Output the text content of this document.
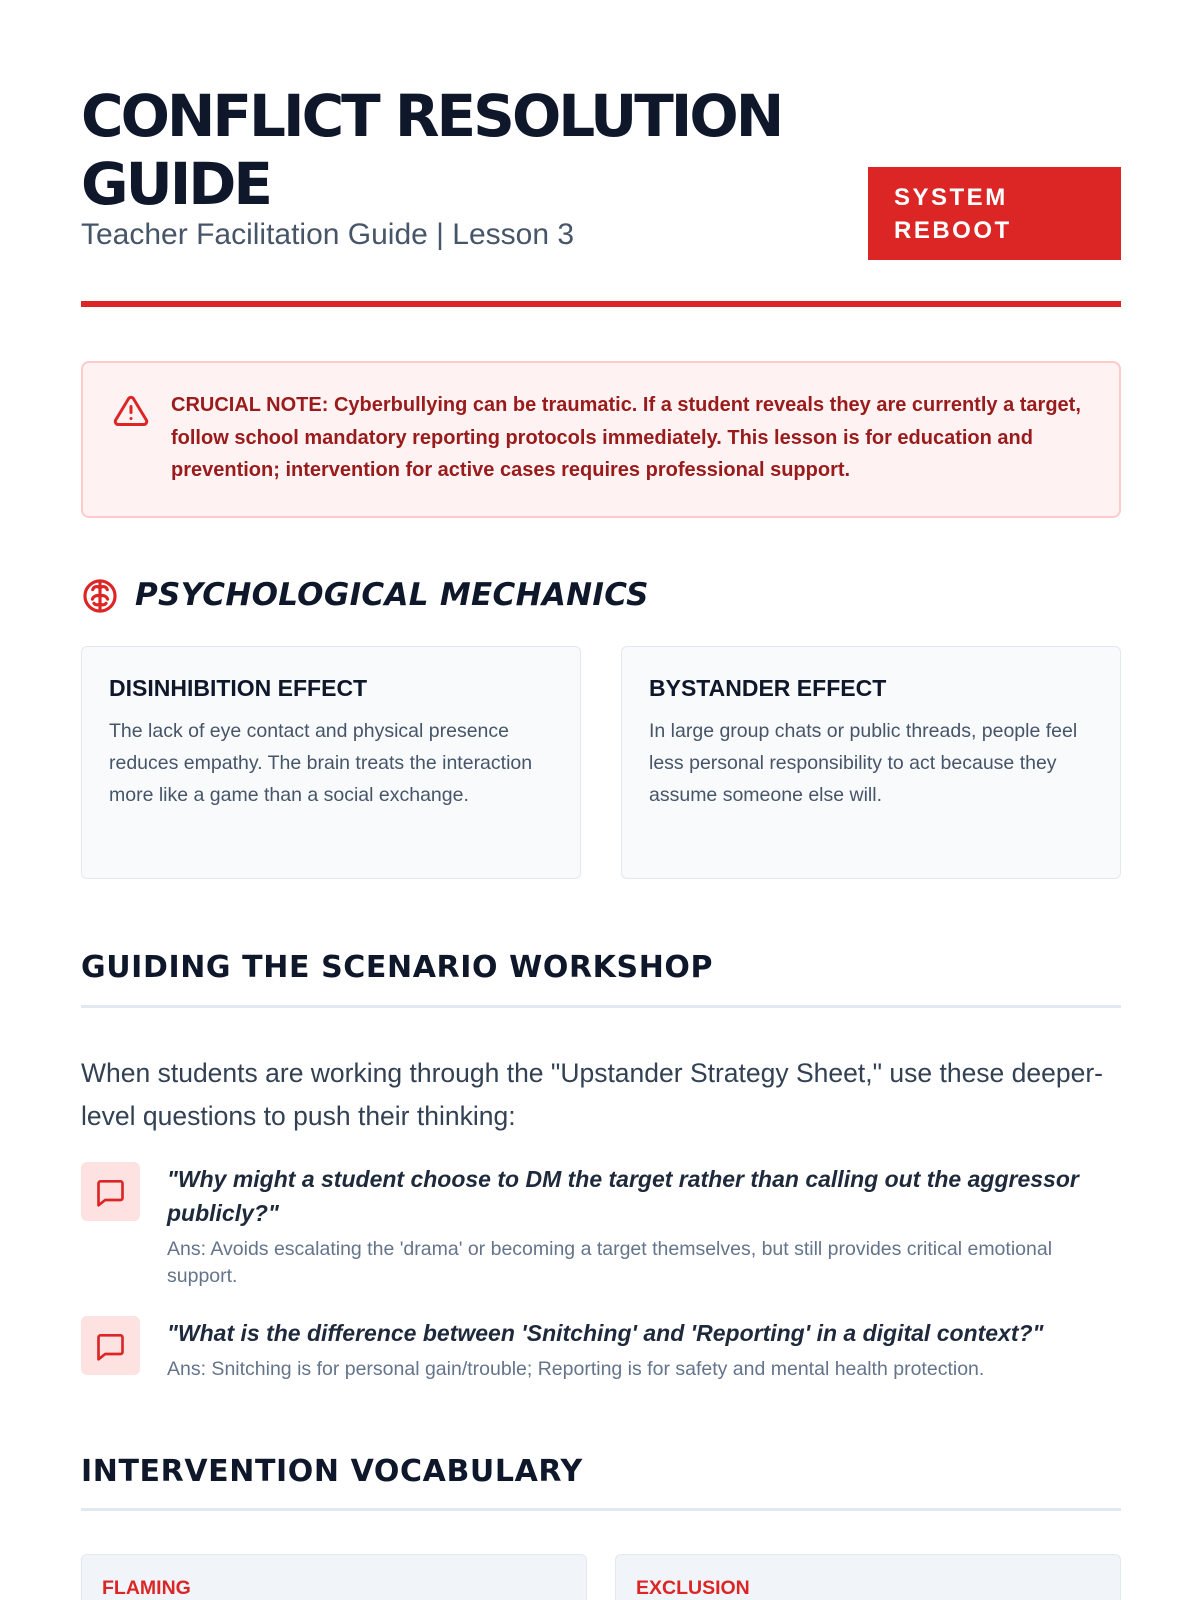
CONFLICT RESOLUTION GUIDE
Teacher Facilitation Guide | Lesson 3
SYSTEM
REBOOT
CRUCIAL NOTE: Cyberbullying can be traumatic. If a student reveals they are currently a target, follow school mandatory reporting protocols immediately. This lesson is for education and prevention; intervention for active cases requires professional support.
PSYCHOLOGICAL MECHANICS
DISINHIBITION EFFECT
The lack of eye contact and physical presence reduces empathy. The brain treats the interaction more like a game than a social exchange.
BYSTANDER EFFECT
In large group chats or public threads, people feel less personal responsibility to act because they assume someone else will.
GUIDING THE SCENARIO WORKSHOP

When students are working through the "Upstander Strategy Sheet," use these deeper-level questions to push their thinking:

"Why might a student choose to DM the target rather than calling out the aggressor publicly?"
Ans: Avoids escalating the 'drama' or becoming a target themselves, but still provides critical emotional support.
"What is the difference between 'Snitching' and 'Reporting' in a digital context?"
Ans: Snitching is for personal gain/trouble; Reporting is for safety and mental health protection.
INTERVENTION VOCABULARY
FLAMING	EXCLUSION
